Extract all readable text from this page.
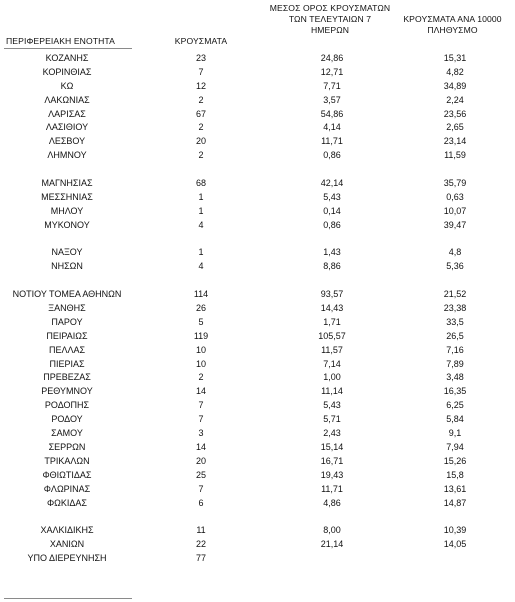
ΠΕΡΙΦΕΡΕΙΑΚΗ ΕΝΟΤΗΤΑ	ΚΡΟΥΣΜΑΤΑ
ΜΕΣΟΣ ΟΡΟΣ ΚΡΟΥΣΜΑΤΩΝ
ΤΩΝ ΤΕΛΕΥΤΑΙΩΝ 7
ΗΜΕΡΩΝ
ΚΡΟΥΣΜΑΤΑ ΑΝΑ 10000
ΠΛΗΘΥΣΜΟ
ΚΟΖΑΝΗΣ	23	24,86	15,31
ΚΟΡΙΝΘΙΑΣ	7	12,71	4,82
ΚΩ	12	7,71	34,89
ΛΑΚΩΝΙΑΣ	2	3,57	2,24
ΛΑΡΙΣΑΣ	67	54,86	23,56
ΛΑΣΙΘΙΟΥ	2	4,14	2,65
ΛΕΣΒΟΥ	20	11,71	23,14
ΛΗΜΝΟΥ	2	0,86	11,59
ΜΑΓΝΗΣΙΑΣ	68	42,14	35,79
ΜΕΣΣΗΝΙΑΣ	1	5,43	0,63
ΜΗΛΟΥ	1	0,14	10,07
ΜΥΚΟΝΟΥ	4	0,86	39,47
ΝΑΞΟΥ	1	1,43	4,8
ΝΗΣΩΝ	4	8,86	5,36
ΝΟΤΙΟΥ ΤΟΜΕΑ ΑΘΗΝΩΝ	114	93,57	21,52
ΞΑΝΘΗΣ	26	14,43	23,38
ΠΑΡΟΥ	5	1,71	33,5
ΠΕΙΡΑΙΩΣ	119	105,57	26,5
ΠΕΛΛΑΣ	10	11,57	7,16
ΠΙΕΡΙΑΣ	10	7,14	7,89
ΠΡΕΒΕΖΑΣ	2	1,00	3,48
ΡΕΘΥΜΝΟΥ	14	11,14	16,35
ΡΟΔΟΠΗΣ	7	5,43	6,25
ΡΟΔΟΥ	7	5,71	5,84
ΣΑΜΟΥ	3	2,43	9,1
ΣΕΡΡΩΝ	14	15,14	7,94
ΤΡΙΚΑΛΩΝ	20	16,71	15,26
ΦΘΙΩΤΙΔΑΣ	25	19,43	15,8
ΦΛΩΡΙΝΑΣ	7	11,71	13,61
ΦΩΚΙΔΑΣ	6	4,86	14,87
ΧΑΛΚΙΔΙΚΗΣ	11	8,00	10,39
ΧΑΝΙΩΝ	22	21,14	14,05
ΥΠΟ ΔΙΕΡΕΥΝΗΣΗ	77
